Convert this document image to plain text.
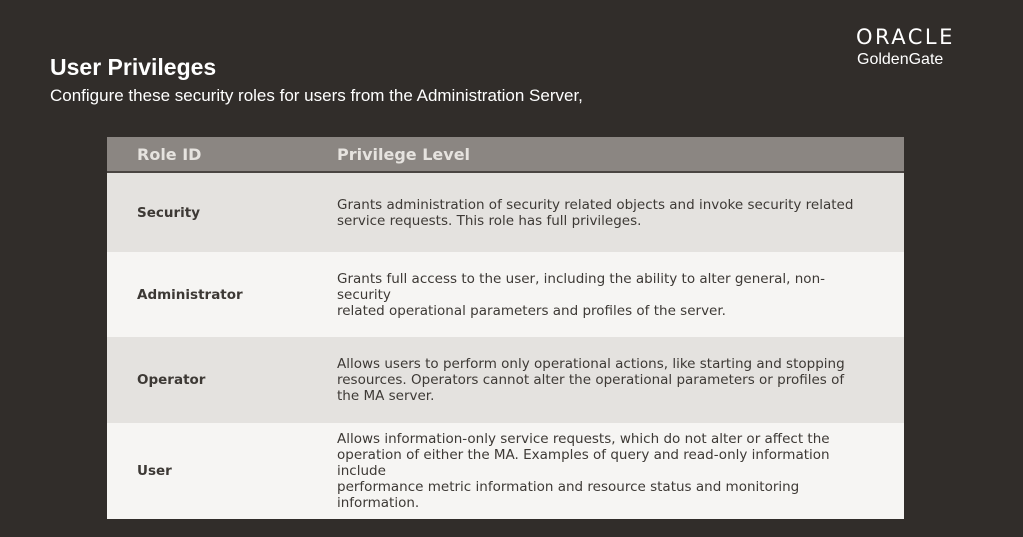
User Privileges

Configure these security roles for users from the Administration Server,

ORACLE
GoldenGate
Role ID	Privilege Level
Security	Grants administration of security related objects and invoke security related
service requests. This role has full privileges.
Administrator	Grants full access to the user, including the ability to alter general, non-security
related operational parameters and profiles of the server.
Operator	Allows users to perform only operational actions, like starting and stopping
resources. Operators cannot alter the operational parameters or profiles of
the MA server.
User	Allows information-only service requests, which do not alter or affect the
operation of either the MA. Examples of query and read-only information include
performance metric information and resource status and monitoring information.
